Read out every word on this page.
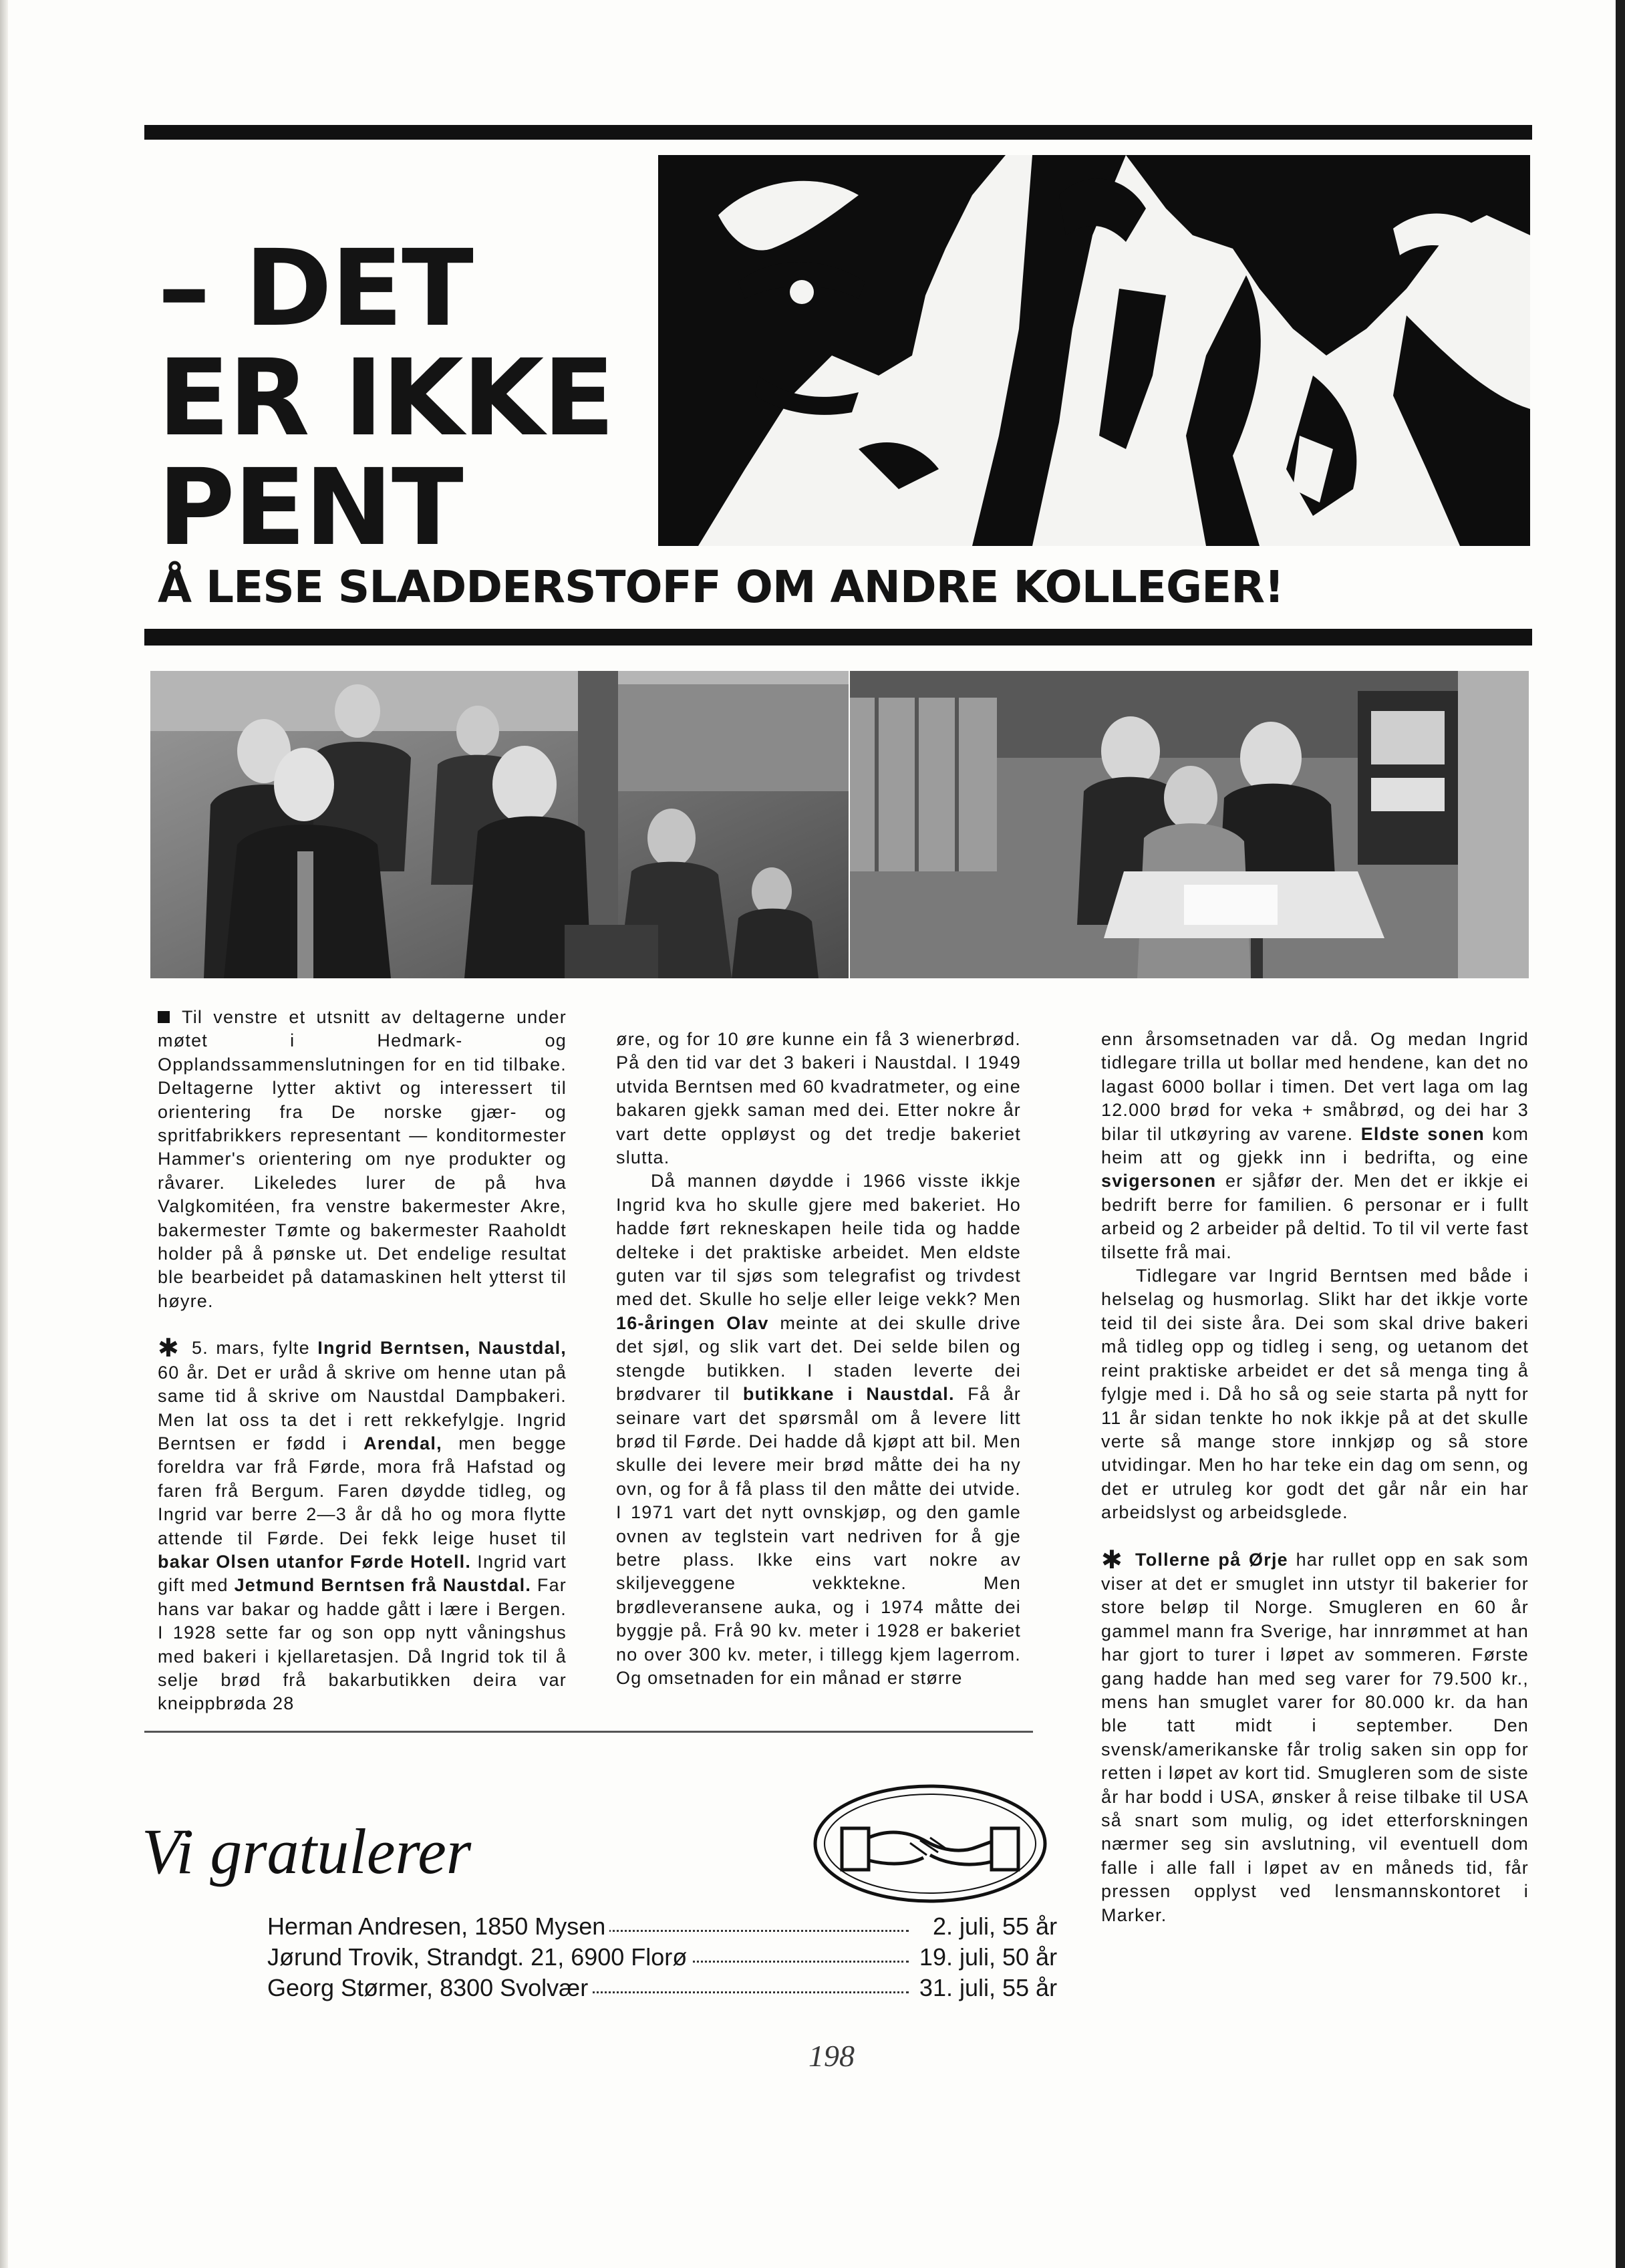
– DET
ER IKKE
PENT
Å LESE SLADDERSTOFF OM ANDRE KOLLEGER!

Til venstre et utsnitt av deltagerne under møtet i Hedmark- og Opplandssammenslutningen for en tid tilbake. Deltagerne lytter aktivt og interessert til orientering fra De norske gjær- og spritfabrikkers representant — konditormester Hammer's orientering om nye produkter og råvarer. Likeledes lurer de på hva Valgkomitéen, fra venstre bakermester Akre, bakermester Tømte og bakermester Raaholdt holder på å pønske ut. Det endelige resultat ble bearbeidet på datamaskinen helt ytterst til høyre.

✱ 5. mars, fylte Ingrid Berntsen, Naustdal, 60 år. Det er uråd å skrive om henne utan på same tid å skrive om Naustdal Dampbakeri. Men lat oss ta det i rett rekkefylgje. Ingrid Berntsen er fødd i Arendal, men begge foreldra var frå Førde, mora frå Hafstad og faren frå Bergum. Faren døydde tidleg, og Ingrid var berre 2—3 år då ho og mora flytte attende til Førde. Dei fekk leige huset til bakar Olsen utanfor Førde Hotell. Ingrid vart gift med Jetmund Berntsen frå Naustdal. Far hans var bakar og hadde gått i lære i Bergen. I 1928 sette far og son opp nytt våningshus med bakeri i kjellaretasjen. Då Ingrid tok til å selje brød frå bakarbutikken deira var kneippbrøda 28

øre, og for 10 øre kunne ein få 3 wienerbrød. På den tid var det 3 bakeri i Naustdal. I 1949 utvida Berntsen med 60 kvadratmeter, og eine bakaren gjekk saman med dei. Etter nokre år vart dette oppløyst og det tredje bakeriet slutta.

Då mannen døydde i 1966 visste ikkje Ingrid kva ho skulle gjere med bakeriet. Ho hadde ført rekneskapen heile tida og hadde delteke i det praktiske arbeidet. Men eldste guten var til sjøs som telegrafist og trivdest med det. Skulle ho selje eller leige vekk? Men 16-åringen Olav meinte at dei skulle drive det sjøl, og slik vart det. Dei selde bilen og stengde butikken. I staden leverte dei brødvarer til butikkane i Naustdal. Få år seinare vart det spørsmål om å levere litt brød til Førde. Dei hadde då kjøpt att bil. Men skulle dei levere meir brød måtte dei ha ny ovn, og for å få plass til den måtte dei utvide. I 1971 vart det nytt ovnskjøp, og den gamle ovnen av teglstein vart nedriven for å gje betre plass. Ikke eins vart nokre av skiljeveggene vekktekne. Men brødleveransene auka, og i 1974 måtte dei byggje på. Frå 90 kv. meter i 1928 er bakeriet no over 300 kv. meter, i tillegg kjem lagerrom. Og omsetnaden for ein månad er større

enn årsomsetnaden var då. Og medan Ingrid tidlegare trilla ut bollar med hendene, kan det no lagast 6000 bollar i timen. Det vert laga om lag 12.000 brød for veka + småbrød, og dei har 3 bilar til utkøyring av varene. Eldste sonen kom heim att og gjekk inn i bedrifta, og eine svigersonen er sjåfør der. Men det er ikkje ei bedrift berre for familien. 6 personar er i fullt arbeid og 2 arbeider på deltid. To til vil verte fast tilsette frå mai.

Tidlegare var Ingrid Berntsen med både i helselag og husmorlag. Slikt har det ikkje vorte teid til dei siste åra. Dei som skal drive bakeri må tidleg opp og tidleg i seng, og uetanom det reint praktiske arbeidet er det så menga ting å fylgje med i. Då ho så og seie starta på nytt for 11 år sidan tenkte ho nok ikkje på at det skulle verte så mange store innkjøp og så store utvidingar. Men ho har teke ein dag om senn, og det er utruleg kor godt det går når ein har arbeidslyst og arbeidsglede.

✱ Tollerne på Ørje har rullet opp en sak som viser at det er smuglet inn utstyr til bakerier for store beløp til Norge. Smugleren en 60 år gammel mann fra Sverige, har innrømmet at han har gjort to turer i løpet av sommeren. Første gang hadde han med seg varer for 79.500 kr., mens han smuglet varer for 80.000 kr. da han ble tatt midt i september. Den svensk/amerikanske får trolig saken sin opp for retten i løpet av kort tid. Smugleren som de siste år har bodd i USA, ønsker å reise tilbake til USA så snart som mulig, og idet etterforskningen nærmer seg sin avslutning, vil eventuell dom falle i alle fall i løpet av en måneds tid, får pressen opplyst ved lensmannskontoret i Marker.

Vi gratulerer
Herman Andresen, 1850 Mysen	2. juli, 55 år
Jørund Trovik, Strandgt. 21, 6900 Florø	19. juli, 50 år
Georg Størmer, 8300 Svolvær	31. juli, 55 år
198
